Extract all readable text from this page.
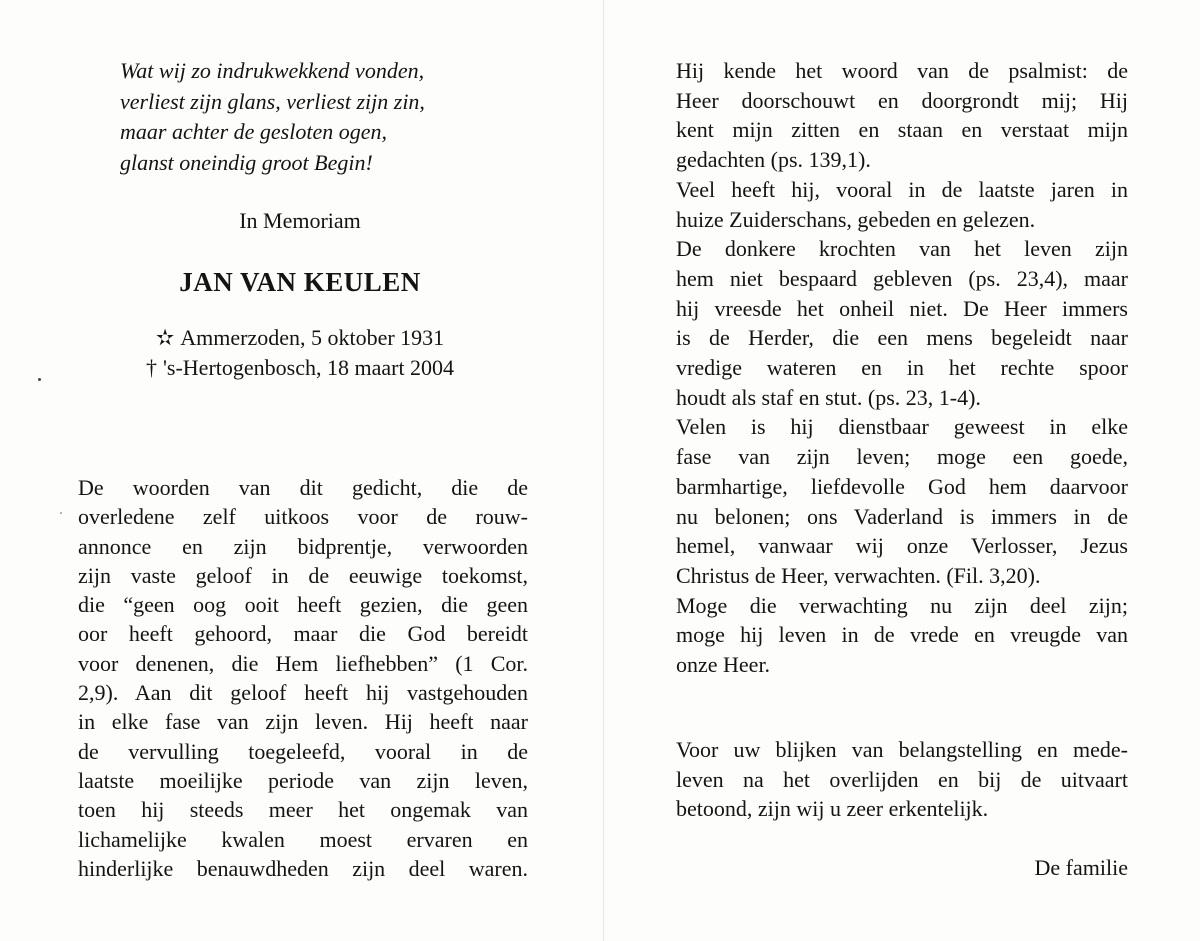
Wat wij zo indrukwekkend vonden,
verliest zijn glans, verliest zijn zin,
maar achter de gesloten ogen,
glanst oneindig groot Begin!
In Memoriam
JAN VAN KEULEN
✫ Ammerzoden, 5 oktober 1931
† 's-Hertogenbosch, 18 maart 2004
De woorden van dit gedicht, die de
overledene zelf uitkoos voor de rouw-
annonce en zijn bidprentje, verwoorden
zijn vaste geloof in de eeuwige toekomst,
die “geen oog ooit heeft gezien, die geen
oor heeft gehoord, maar die God bereidt
voor denenen, die Hem liefhebben” (1 Cor.
2,9). Aan dit geloof heeft hij vastgehouden
in elke fase van zijn leven. Hij heeft naar
de vervulling toegeleefd, vooral in de
laatste moeilijke periode van zijn leven,
toen hij steeds meer het ongemak van
lichamelijke kwalen moest ervaren en
hinderlijke benauwdheden zijn deel waren.
Hij kende het woord van de psalmist: de
Heer doorschouwt en doorgrondt mij; Hij
kent mijn zitten en staan en verstaat mijn
gedachten (ps. 139,1).
Veel heeft hij, vooral in de laatste jaren in
huize Zuiderschans, gebeden en gelezen.
De donkere krochten van het leven zijn
hem niet bespaard gebleven (ps. 23,4), maar
hij vreesde het onheil niet. De Heer immers
is de Herder, die een mens begeleidt naar
vredige wateren en in het rechte spoor
houdt als staf en stut. (ps. 23, 1-4).
Velen is hij dienstbaar geweest in elke
fase van zijn leven; moge een goede,
barmhartige, liefdevolle God hem daarvoor
nu belonen; ons Vaderland is immers in de
hemel, vanwaar wij onze Verlosser, Jezus
Christus de Heer, verwachten. (Fil. 3,20).
Moge die verwachting nu zijn deel zijn;
moge hij leven in de vrede en vreugde van
onze Heer.
Voor uw blijken van belangstelling en mede-
leven na het overlijden en bij de uitvaart
betoond, zijn wij u zeer erkentelijk.
De familie
